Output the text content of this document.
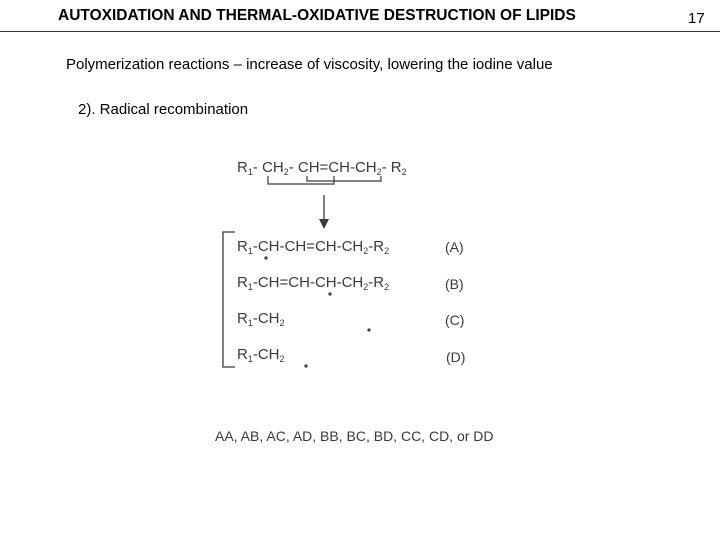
AUTOXIDATION AND THERMAL-OXIDATIVE DESTRUCTION OF LIPIDS	17
Polymerization reactions – increase of viscosity, lowering the iodine value
2). Radical recombination
$R_1-$ $CH_2-$ $CH=CH-CH_2-$ $R_2$
$R_1-CH-CH=CH-CH_2-R_2$	(A)
$R_1-CH=CH-CH-CH_2-R_2$	(B)
$R_1-CH_2$	(C)
$R_1-CH_2$	(D)
AA, AB, AC, AD, BB, BC, BD, CC, CD, or DD
